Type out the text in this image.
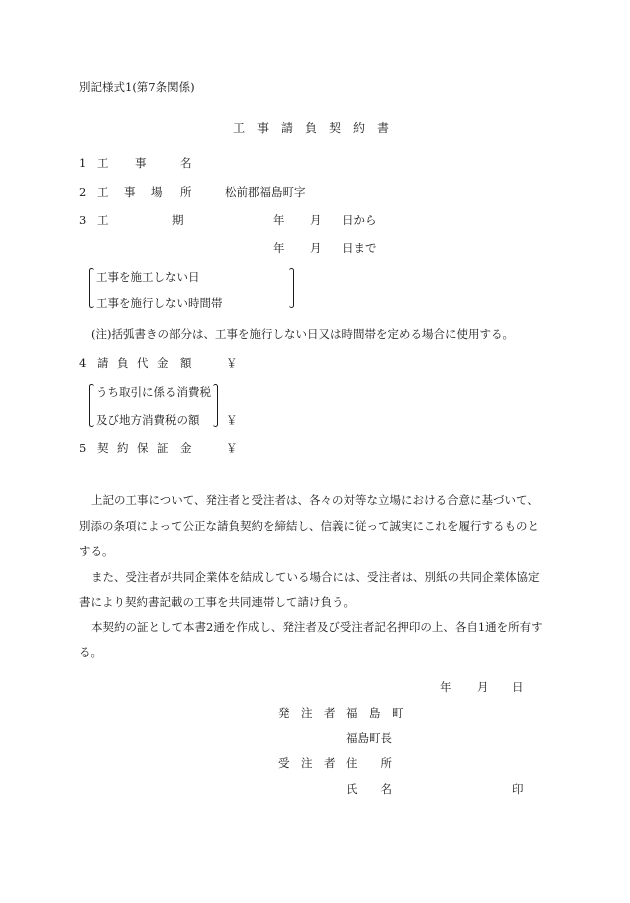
別記様式1(第7条関係)
工　事　請　負　契　約　書
1 工 事	名
2 工 事 場 所	松前郡福島町字
3 工	期	年 月 日から
年 月 日まで
工事を施工しない日
工事を施行しない時間帯
(注)括弧書きの部分は、工事を施行しない日又は時間帯を定める場合に使用する。
4 請 負 代 金 額	￥
うち取引に係る消費税
及び地方消費税の額 ￥
5 契 約 保 証 金	￥
上記の工事について、発注者と受注者は、各々の対等な立場における合意に基づいて、
別添の条項によって公正な請負契約を締結し、信義に従って誠実にこれを履行するものと
する。
また、受注者が共同企業体を結成している場合には、受注者は、別紙の共同企業体協定
書により契約書記載の工事を共同連帯して請け負う。
本契約の証として本書2通を作成し、発注者及び受注者記名押印の上、各自1通を所有す
る。
年 月 日
発　注　者 福　島　町
福島町長
受　注　者 住　　所
氏　　名	印
